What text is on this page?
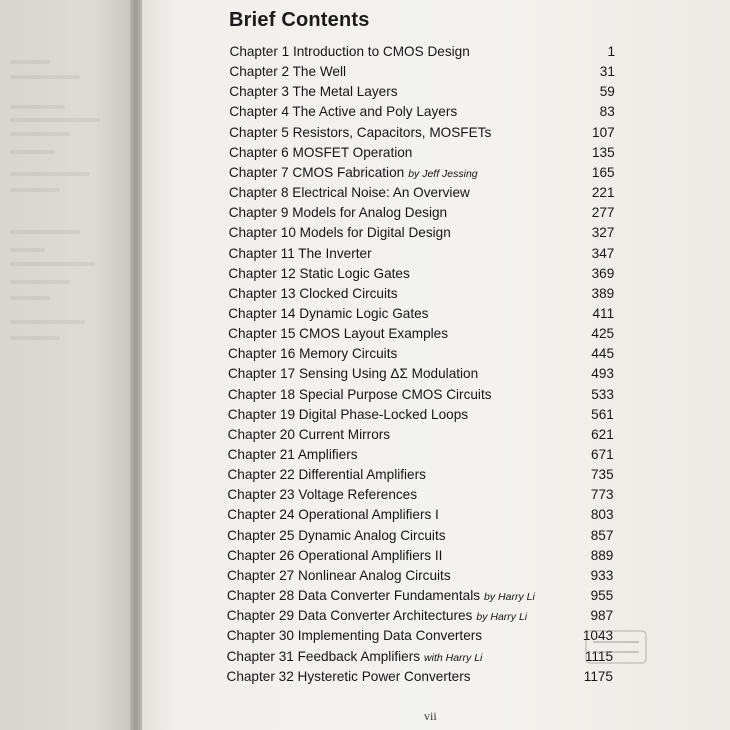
Brief Contents
Chapter 1 Introduction to CMOS Design	1
Chapter 2 The Well	31
Chapter 3 The Metal Layers	59
Chapter 4 The Active and Poly Layers	83
Chapter 5 Resistors, Capacitors, MOSFETs	107
Chapter 6 MOSFET Operation	135
Chapter 7 CMOS Fabrication by Jeff Jessing	165
Chapter 8 Electrical Noise: An Overview	221
Chapter 9 Models for Analog Design	277
Chapter 10 Models for Digital Design	327
Chapter 11 The Inverter	347
Chapter 12 Static Logic Gates	369
Chapter 13 Clocked Circuits	389
Chapter 14 Dynamic Logic Gates	411
Chapter 15 CMOS Layout Examples	425
Chapter 16 Memory Circuits	445
Chapter 17 Sensing Using ΔΣ Modulation	493
Chapter 18 Special Purpose CMOS Circuits	533
Chapter 19 Digital Phase-Locked Loops	561
Chapter 20 Current Mirrors	621
Chapter 21 Amplifiers	671
Chapter 22 Differential Amplifiers	735
Chapter 23 Voltage References	773
Chapter 24 Operational Amplifiers I	803
Chapter 25 Dynamic Analog Circuits	857
Chapter 26 Operational Amplifiers II	889
Chapter 27 Nonlinear Analog Circuits	933
Chapter 28 Data Converter Fundamentals by Harry Li	955
Chapter 29 Data Converter Architectures by Harry Li	987
Chapter 30 Implementing Data Converters	1043
Chapter 31 Feedback Amplifiers with Harry Li	1115
Chapter 32 Hysteretic Power Converters	1175
vii
